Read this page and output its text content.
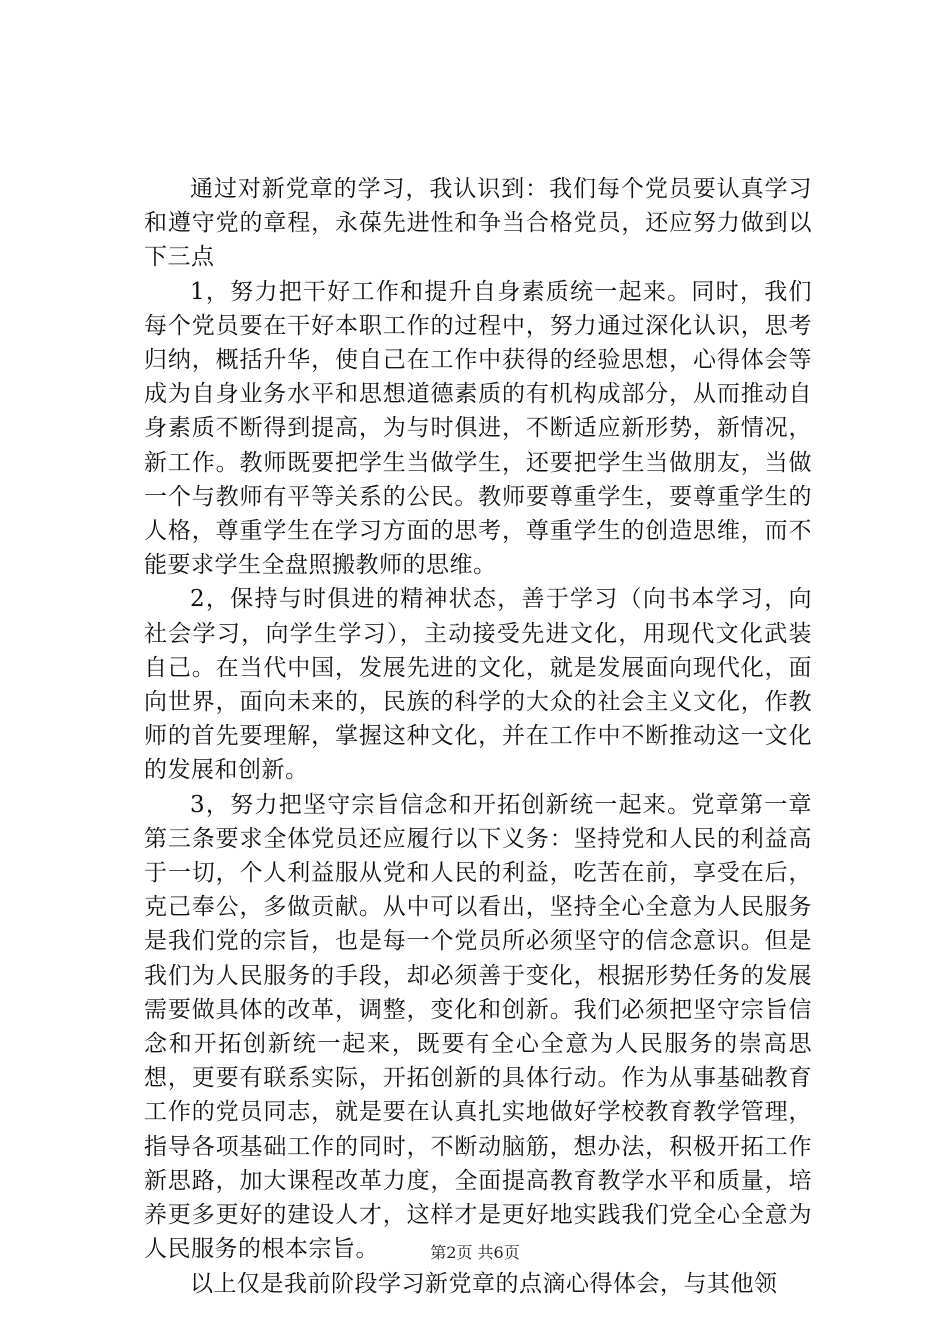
通过对新党章的学习，我认识到：我们每个党员要认真学习和遵守党的章程，永葆先进性和争当合格党员，还应努力做到以下三点

1，努力把干好工作和提升自身素质统一起来。同时，我们每个党员要在干好本职工作的过程中，努力通过深化认识，思考归纳，概括升华，使自己在工作中获得的经验思想，心得体会等成为自身业务水平和思想道德素质的有机构成部分，从而推动自身素质不断得到提高，为与时俱进，不断适应新形势，新情况，新工作。教师既要把学生当做学生，还要把学生当做朋友，当做一个与教师有平等关系的公民。教师要尊重学生，要尊重学生的人格，尊重学生在学习方面的思考，尊重学生的创造思维，而不能要求学生全盘照搬教师的思维。

2，保持与时俱进的精神状态，善于学习（向书本学习，向社会学习，向学生学习），主动接受先进文化，用现代文化武装自己。在当代中国，发展先进的文化，就是发展面向现代化，面向世界，面向未来的，民族的科学的大众的社会主义文化，作教师的首先要理解，掌握这种文化，并在工作中不断推动这一文化的发展和创新。

3，努力把坚守宗旨信念和开拓创新统一起来。党章第一章第三条要求全体党员还应履行以下义务：坚持党和人民的利益高于一切，个人利益服从党和人民的利益，吃苦在前，享受在后，克己奉公，多做贡献。从中可以看出，坚持全心全意为人民服务是我们党的宗旨，也是每一个党员所必须坚守的信念意识。但是我们为人民服务的手段，却必须善于变化，根据形势任务的发展需要做具体的改革，调整，变化和创新。我们必须把坚守宗旨信念和开拓创新统一起来，既要有全心全意为人民服务的崇高思想，更要有联系实际，开拓创新的具体行动。作为从事基础教育工作的党员同志，就是要在认真扎实地做好学校教育教学管理，指导各项基础工作的同时，不断动脑筋，想办法，积极开拓工作新思路，加大课程改革力度，全面提高教育教学水平和质量，培养更多更好的建设人才，这样才是更好地实践我们党全心全意为人民服务的根本宗旨。

以上仅是我前阶段学习新党章的点滴心得体会，与其他领

第2页 共6页
